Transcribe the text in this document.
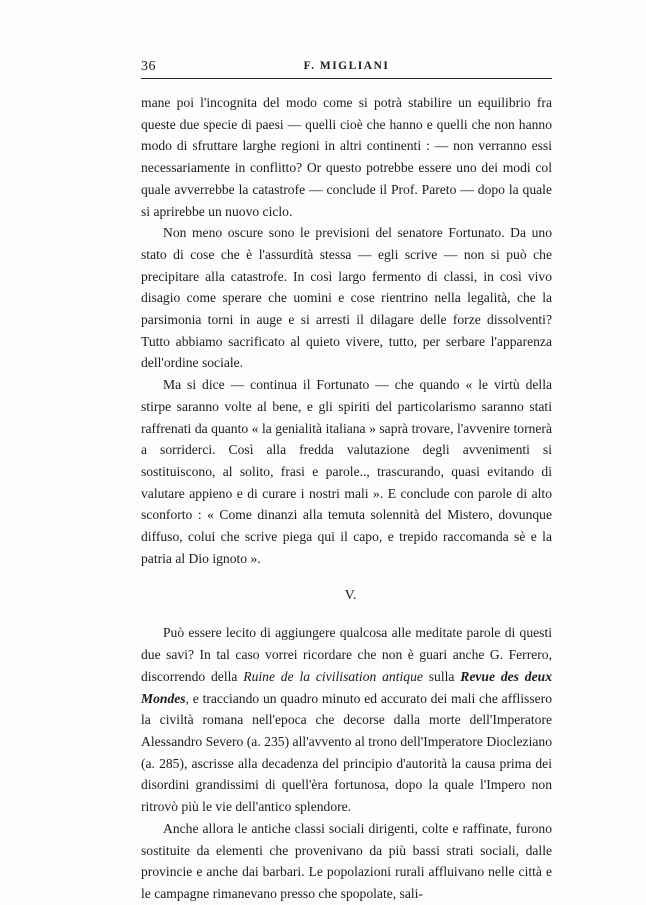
36	F. MIGLIANI

mane poi l'incognita del modo come si potrà stabilire un equilibrio fra queste due specie di paesi — quelli cioè che hanno e quelli che non hanno modo di sfruttare larghe regioni in altri continenti : — non verranno essi necessariamente in conflitto? Or questo potrebbe essere uno dei modi col quale avverrebbe la catastrofe — conclude il Prof. Pareto — dopo la quale si aprirebbe un nuovo ciclo.

Non meno oscure sono le previsioni del senatore Fortunato. Da uno stato di cose che è l'assurdità stessa — egli scrive — non si può che precipitare alla catastrofe. In così largo fermento di classi, in così vivo disagio come sperare che uomini e cose rientrino nella legalità, che la parsimonia torni in auge e si arresti il dilagare delle forze dissolventi? Tutto abbiamo sacrificato al quieto vivere, tutto, per serbare l'apparenza dell'ordine sociale.

Ma si dice — continua il Fortunato — che quando « le virtù della stirpe saranno volte al bene, e gli spiriti del particolarismo saranno stati raffrenati da quanto « la genialità italiana » saprà trovare, l'avvenire tornerà a sorriderci. Così alla fredda valutazione degli avvenimenti si sostituiscono, al solito, frasi e parole.., trascurando, quasi evitando di valutare appieno e di curare i nostri mali ». E conclude con parole di alto sconforto : « Come dinanzi alla temuta solennità del Mistero, dovunque diffuso, colui che scrive piega qui il capo, e trepido raccomanda sè e la patria al Dio ignoto ».

V.

Può essere lecito di aggiungere qualcosa alle meditate parole di questi due savi? In tal caso vorrei ricordare che non è guari anche G. Ferrero, discorrendo della Ruine de la civilisation antique sulla Revue des deux Mondes, e tracciando un quadro minuto ed accurato dei mali che afflissero la civiltà romana nell'epoca che decorse dalla morte dell'Imperatore Alessandro Severo (a. 235) all'avvento al trono dell'Imperatore Diocleziano (a. 285), ascrisse alla decadenza del principio d'autorità la causa prima dei disordini grandissimi di quell'èra fortunosa, dopo la quale l'Impero non ritrovò più le vie dell'antico splendore.

Anche allora le antiche classi sociali dirigenti, colte e raffinate, furono sostituite da elementi che provenivano da più bassi strati sociali, dalle provincie e anche dai barbari. Le popolazioni rurali affluivano nelle città e le campagne rimanevano presso che spopolate, sali-
